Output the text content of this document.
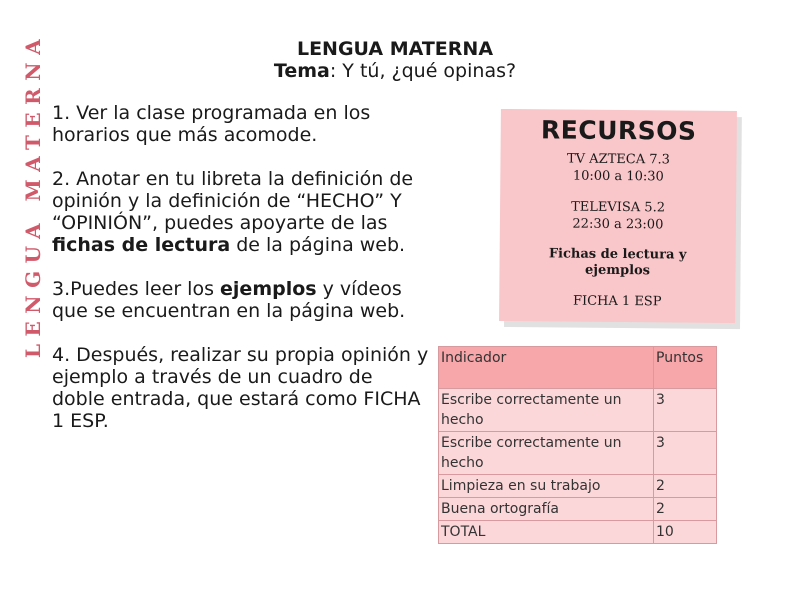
LENGUA MATERNA	LENGUA MATERNA
Tema: Y tú, ¿qué opinas?

1. Ver la clase programada en los horarios que más acomode.

2. Anotar en tu libreta la definición de opinión y la definición de “HECHO” Y “OPINIÓN”, puedes apoyarte de las fichas de lectura de la página web.

3.Puedes leer los ejemplos y vídeos que se encuentran en la página web.

4. Después, realizar su propia opinión y ejemplo a través de un cuadro de doble entrada, que estará como FICHA 1 ESP.

RECURSOS
TV AZTECA 7.3
10:00 a 10:30
TELEVISA 5.2
22:30 a 23:00
Fichas de lectura y ejemplos
FICHA 1 ESP
Indicador	Puntos
Escribe correctamente un hecho	3
Escribe correctamente un hecho	3
Limpieza en su trabajo	2
Buena ortografía	2
TOTAL	10
